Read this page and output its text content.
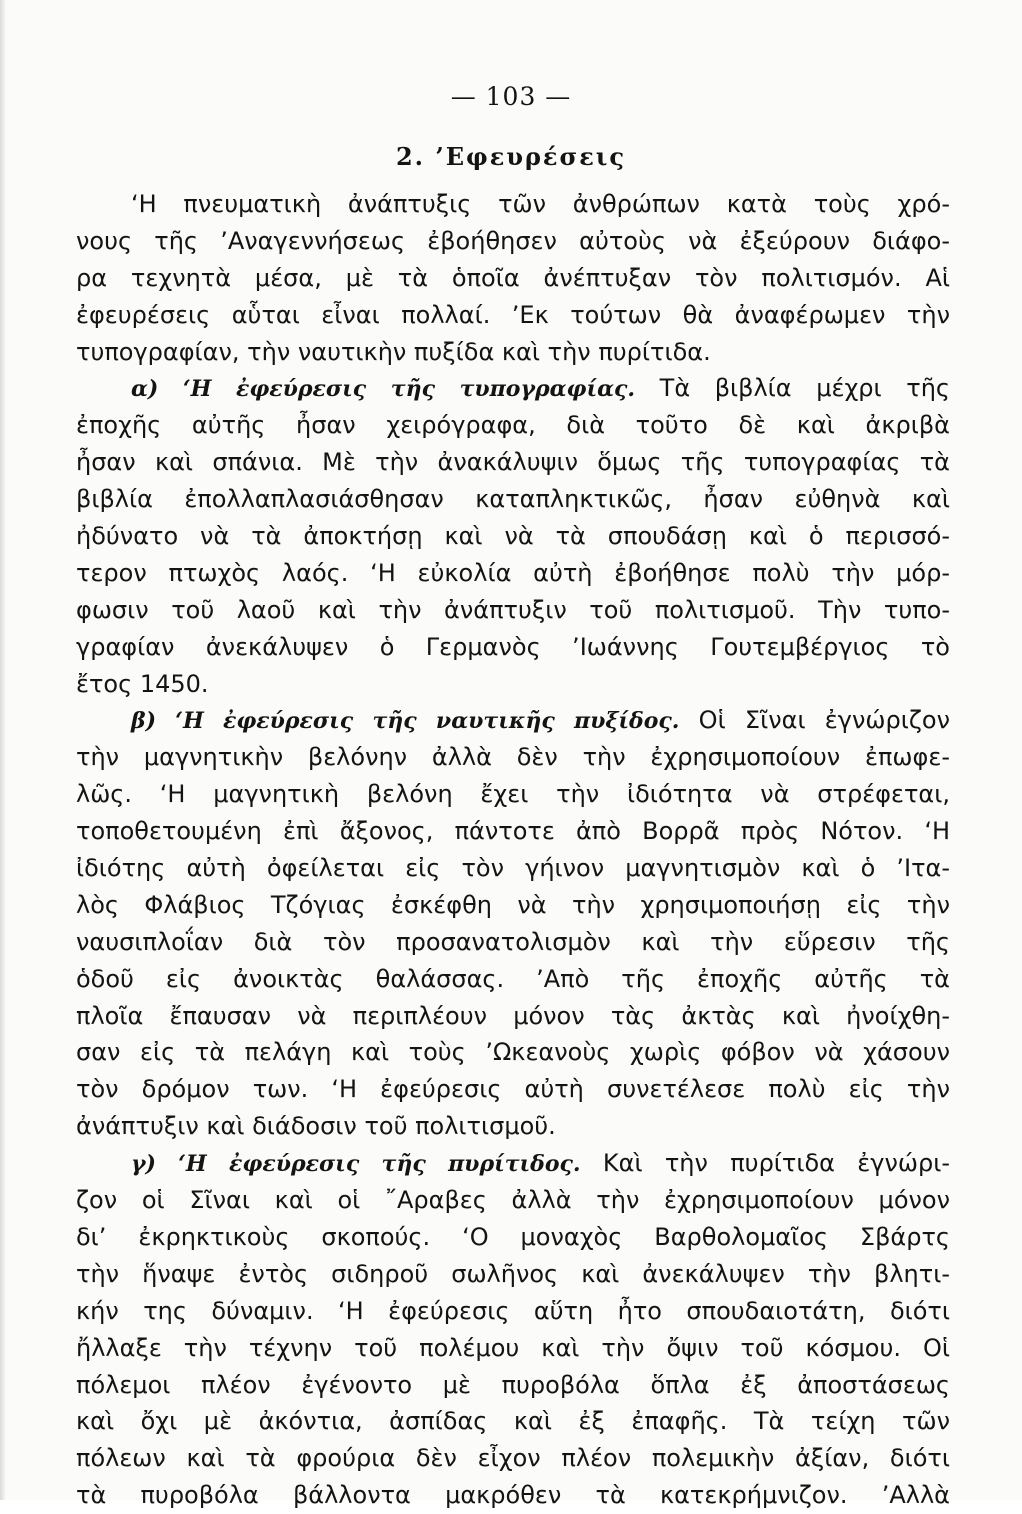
— 103 —
2. ’Εφευρέσεις
‘Η πνευματικὴ ἀνάπτυξις τῶν ἀνθρώπων κατὰ τοὺς χρό-
νους τῆς ’Αναγεννήσεως ἐβοήθησεν αὐτοὺς νὰ ἐξεύρουν διάφο-
ρα τεχνητὰ μέσα, μὲ τὰ ὁποῖα ἀνέπτυξαν τὸν πολιτισμόν. Αἱ
ἐφευρέσεις αὗται εἶναι πολλαί. ’Εκ τούτων θὰ ἀναφέρωμεν τὴν
τυπογραφίαν, τὴν ναυτικὴν πυξίδα καὶ τὴν πυρίτιδα.
α) ‘Η ἐφεύρεσις τῆς τυπογραφίας. Τὰ βιβλία μέχρι τῆς
ἐποχῆς αὐτῆς ἦσαν χειρόγραφα, διὰ τοῦτο δὲ καὶ ἀκριβὰ
ἦσαν καὶ σπάνια. Μὲ τὴν ἀνακάλυψιν ὅμως τῆς τυπογραφίας τὰ
βιβλία ἐπολλαπλασιάσθησαν καταπληκτικῶς, ἦσαν εὐθηνὰ καὶ
ἠδύνατο νὰ τὰ ἀποκτήσῃ καὶ νὰ τὰ σπουδάσῃ καὶ ὁ περισσό-
τερον πτωχὸς λαός. ‘Η εὐκολία αὐτὴ ἐβοήθησε πολὺ τὴν μόρ-
φωσιν τοῦ λαοῦ καὶ τὴν ἀνάπτυξιν τοῦ πολιτισμοῦ. Τὴν τυπο-
γραφίαν ἀνεκάλυψεν ὁ Γερμανὸς ’Ιωάννης Γουτεμβέργιος τὸ
ἔτος 1450.
β) ‘Η ἐφεύρεσις τῆς ναυτικῆς πυξίδος. Οἱ Σῖναι ἐγνώριζον
τὴν μαγνητικὴν βελόνην ἀλλὰ δὲν τὴν ἐχρησιμοποίουν ἐπωφε-
λῶς. ‘Η μαγνητικὴ βελόνη ἔχει τὴν ἰδιότητα νὰ στρέφεται,
τοποθετουμένη ἐπὶ ἄξονος, πάντοτε ἀπὸ Βορρᾶ πρὸς Νότον. ‘Η
ἰδιότης αὐτὴ ὀφείλεται εἰς τὸν γήινον μαγνητισμὸν καὶ ὁ ’Ιτα-
λὸς Φλάβιος Τζόγιας ἐσκέφθη νὰ τὴν χρησιμοποιήσῃ εἰς τὴν
ναυσιπλοΐαν διὰ τὸν προσανατολισμὸν καὶ τὴν εὕρεσιν τῆς
ὁδοῦ εἰς ἀνοικτὰς θαλάσσας. ’Απὸ τῆς ἐποχῆς αὐτῆς τὰ
πλοῖα ἔπαυσαν νὰ περιπλέουν μόνον τὰς ἀκτὰς καὶ ἠνοίχθη-
σαν εἰς τὰ πελάγη καὶ τοὺς ’Ωκεανοὺς χωρὶς φόβον νὰ χάσουν
τὸν δρόμον των. ‘Η ἐφεύρεσις αὐτὴ συνετέλεσε πολὺ εἰς τὴν
ἀνάπτυξιν καὶ διάδοσιν τοῦ πολιτισμοῦ.
γ) ‘Η ἐφεύρεσις τῆς πυρίτιδος. Καὶ τὴν πυρίτιδα ἐγνώρι-
ζον οἱ Σῖναι καὶ οἱ ῎Αραβες ἀλλὰ τὴν ἐχρησιμοποίουν μόνον
δι’ ἐκρηκτικοὺς σκοπούς. ‘Ο μοναχὸς Βαρθολομαῖος Σβάρτς
τὴν ἥναψε ἐντὸς σιδηροῦ σωλῆνος καὶ ἀνεκάλυψεν τὴν βλητι-
κήν της δύναμιν. ‘Η ἐφεύρεσις αὕτη ἦτο σπουδαιοτάτη, διότι
ἤλλαξε τὴν τέχνην τοῦ πολέμου καὶ τὴν ὄψιν τοῦ κόσμου. Οἱ
πόλεμοι πλέον ἐγένοντο μὲ πυροβόλα ὅπλα ἐξ ἀποστάσεως
καὶ ὄχι μὲ ἀκόντια, ἀσπίδας καὶ ἐξ ἐπαφῆς. Τὰ τείχη τῶν
πόλεων καὶ τὰ φρούρια δὲν εἶχον πλέον πολεμικὴν ἀξίαν, διότι
τὰ πυροβόλα βάλλοντα μακρόθεν τὰ κατεκρήμνιζον. ’Αλλὰ
